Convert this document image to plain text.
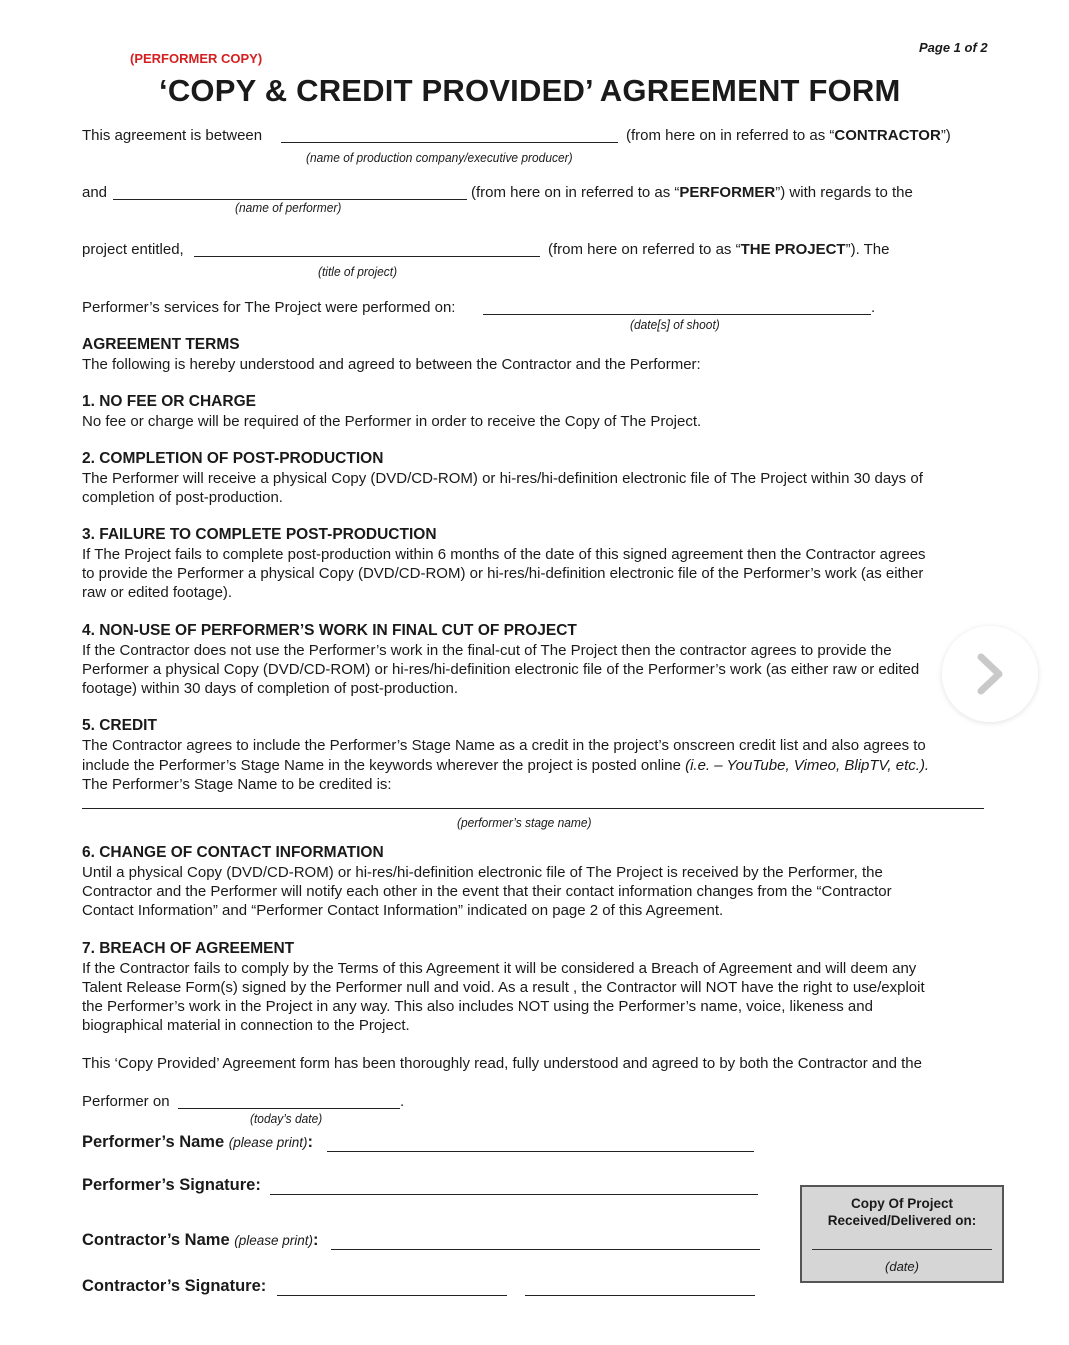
(PERFORMER COPY)
Page 1 of 2
‘COPY & CREDIT PROVIDED’ AGREEMENT FORM
This agreement is between	(from here on in referred to as “CONTRACTOR”)
(name of production company/executive producer)
and	(from here on in referred to as “PERFORMER”) with regards to the
(name of performer)
project entitled,	(from here on referred to as “THE PROJECT”). The
(title of project)
Performer’s services for The Project were performed on:	.
(date[s] of shoot)
AGREEMENT TERMS
The following is hereby understood and agreed to between the Contractor and the Performer:
1. NO FEE OR CHARGE
No fee or charge will be required of the Performer in order to receive the Copy of The Project.
2. COMPLETION OF POST-PRODUCTION
The Performer will receive a physical Copy (DVD/CD-ROM) or hi-res/hi-definition electronic file of The Project within 30 days of
completion of post-production.
3. FAILURE TO COMPLETE POST-PRODUCTION
If The Project fails to complete post-production within 6 months of the date of this signed agreement then the Contractor agrees
to provide the Performer a physical Copy (DVD/CD-ROM) or hi-res/hi-definition electronic file of the Performer’s work (as either
raw or edited footage).
4. NON-USE OF PERFORMER’S WORK IN FINAL CUT OF PROJECT
If the Contractor does not use the Performer’s work in the final-cut of The Project then the contractor agrees to provide the
Performer a physical Copy (DVD/CD-ROM) or hi-res/hi-definition electronic file of the Performer’s work (as either raw or edited
footage) within 30 days of completion of post-production.
5. CREDIT
The Contractor agrees to include the Performer’s Stage Name as a credit in the project’s onscreen credit list and also agrees to
include the Performer’s Stage Name in the keywords wherever the project is posted online (i.e. – YouTube, Vimeo, BlipTV, etc.).
The Performer’s Stage Name to be credited is:
(performer’s stage name)
6. CHANGE OF CONTACT INFORMATION
Until a physical Copy (DVD/CD-ROM) or hi-res/hi-definition electronic file of The Project is received by the Performer, the
Contractor and the Performer will notify each other in the event that their contact information changes from the “Contractor
Contact Information” and “Performer Contact Information” indicated on page 2 of this Agreement.
7. BREACH OF AGREEMENT
If the Contractor fails to comply by the Terms of this Agreement it will be considered a Breach of Agreement and will deem any
Talent Release Form(s) signed by the Performer null and void. As a result , the Contractor will NOT have the right to use/exploit
the Performer’s work in the Project in any way. This also includes NOT using the Performer’s name, voice, likeness and
biographical material in connection to the Project.
This ‘Copy Provided’ Agreement form has been thoroughly read, fully understood and agreed to by both the Contractor and the
Performer on	.
(today’s date)
Performer’s Name (please print):
Performer’s Signature:
Contractor’s Name (please print):
Contractor’s Signature:
Copy Of Project
Received/Delivered on:
(date)
